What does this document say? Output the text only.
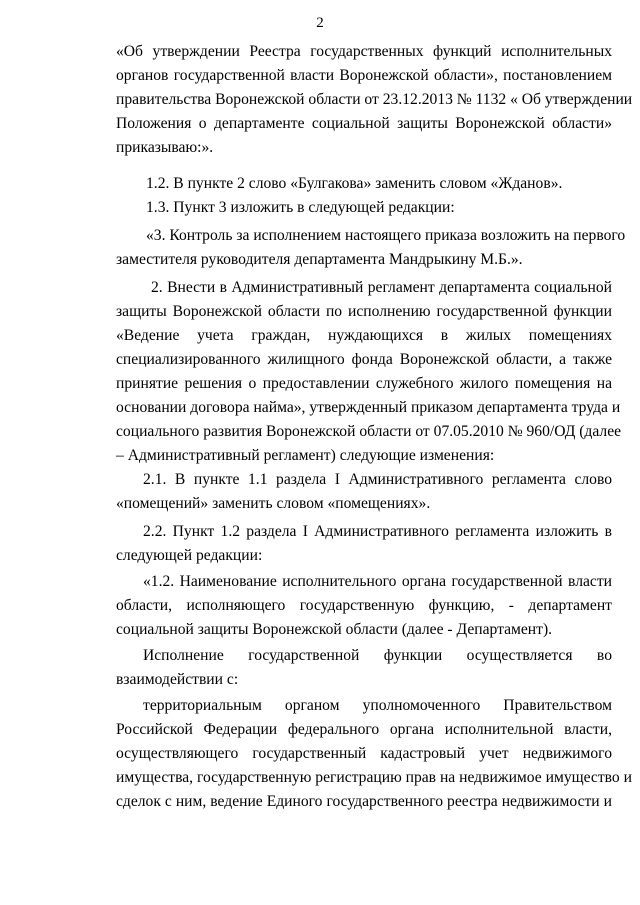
2
«Об утверждении Реестра государственных функций исполнительных
органов государственной власти Воронежской области», постановлением
правительства Воронежской области от 23.12.2013 № 1132 « Об утверждении
Положения о департаменте социальной защиты Воронежской области»
приказываю:».
1.2. В пункте 2 слово «Булгакова» заменить словом «Жданов».
1.3. Пункт 3 изложить в следующей редакции:
«3. Контроль за исполнением настоящего приказа возложить на первого
заместителя руководителя департамента Мандрыкину М.Б.».
2. Внести в Административный регламент департамента социальной
защиты Воронежской области по исполнению государственной функции
«Ведение учета граждан, нуждающихся в жилых помещениях
специализированного жилищного фонда Воронежской области, а также
принятие решения о предоставлении служебного жилого помещения на
основании договора найма», утвержденный приказом департамента труда и
социального развития Воронежской области от 07.05.2010 № 960/ОД (далее
– Административный регламент) следующие изменения:
2.1. В пункте 1.1 раздела I Административного регламента слово
«помещений» заменить словом «помещениях».
2.2. Пункт 1.2 раздела I Административного регламента изложить в
следующей редакции:
«1.2. Наименование исполнительного органа государственной власти
области, исполняющего государственную функцию, - департамент
социальной защиты Воронежской области (далее - Департамент).
Исполнение государственной функции осуществляется во
взаимодействии с:
территориальным органом уполномоченного Правительством
Российской Федерации федерального органа исполнительной власти,
осуществляющего государственный кадастровый учет недвижимого
имущества, государственную регистрацию прав на недвижимое имущество и
сделок с ним, ведение Единого государственного реестра недвижимости и
